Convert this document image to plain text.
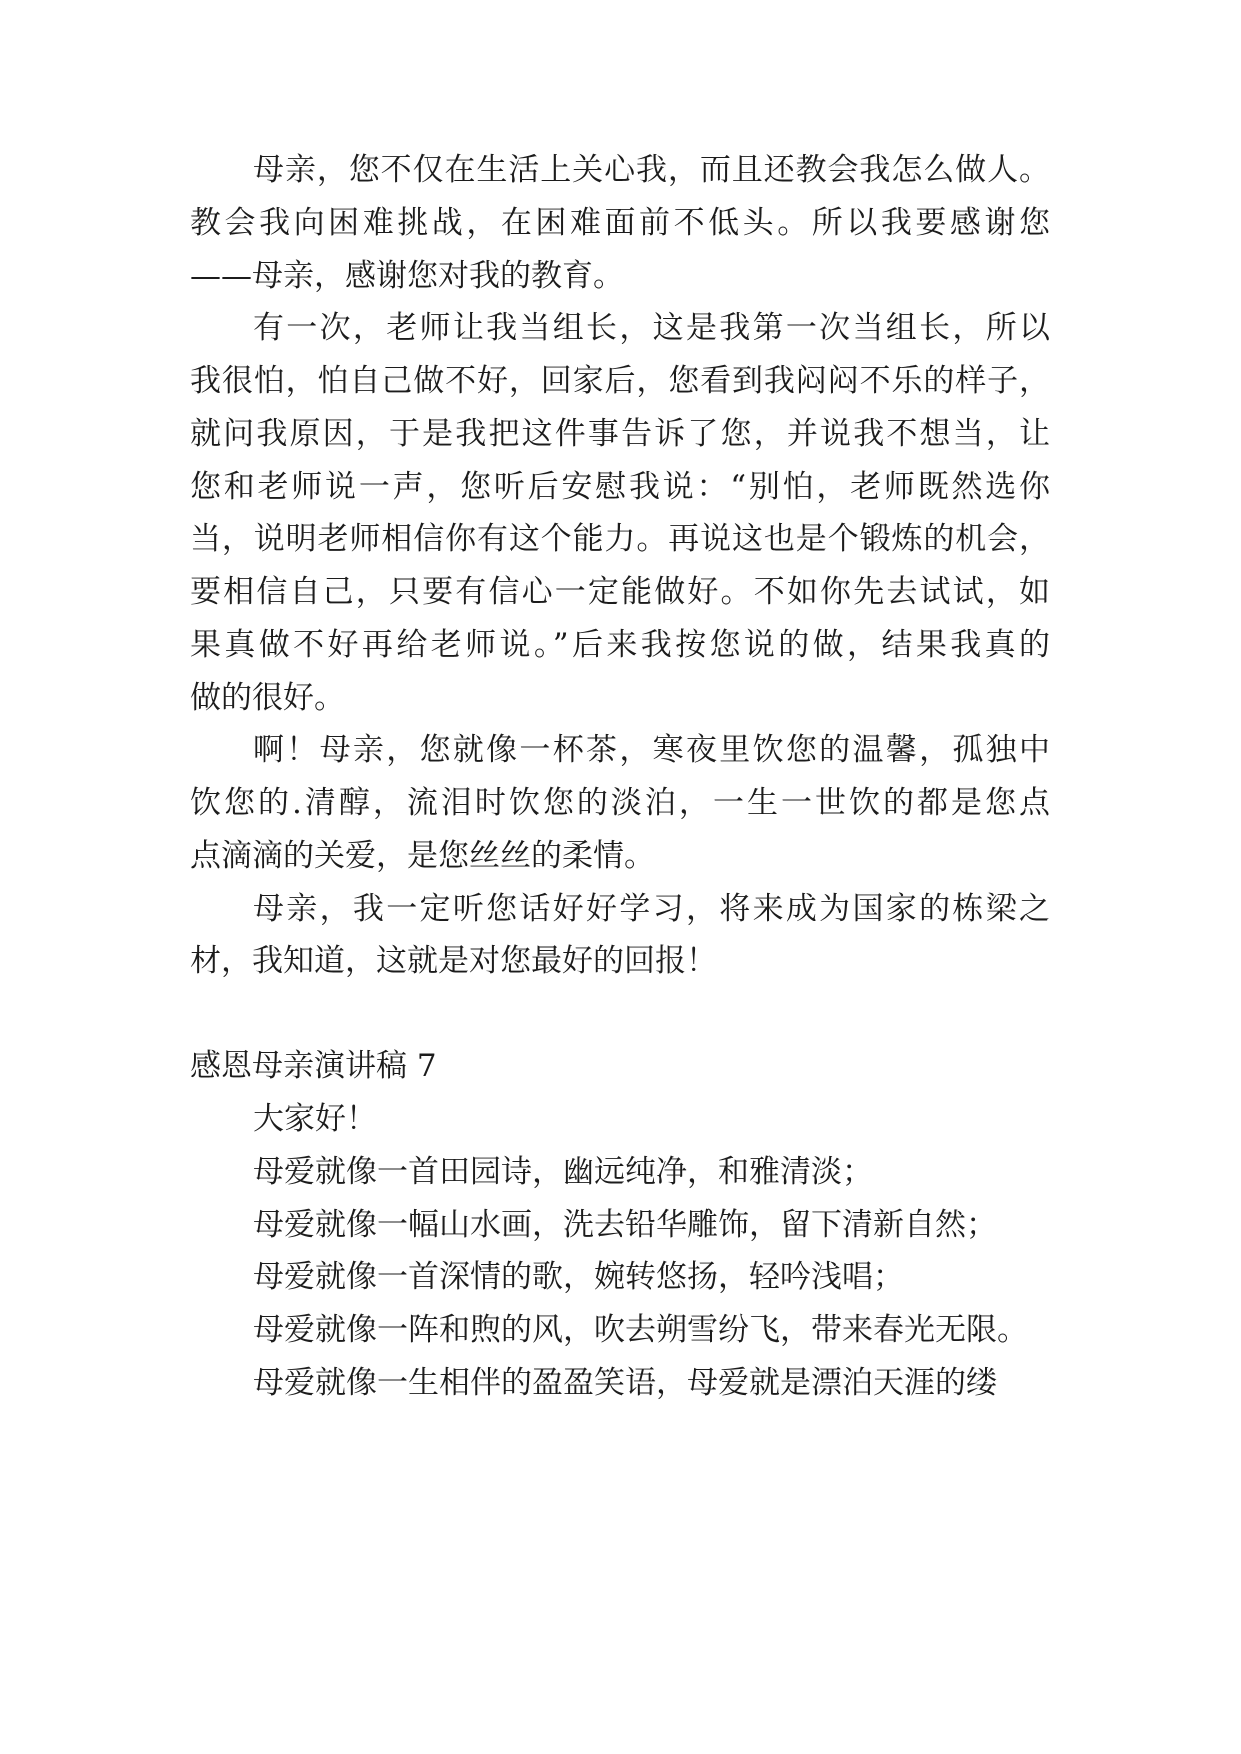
母亲，您不仅在生活上关心我，而且还教会我怎么做人。
教会我向困难挑战，在困难面前不低头。所以我要感谢您
——母亲，感谢您对我的教育。
有一次，老师让我当组长，这是我第一次当组长，所以
我很怕，怕自己做不好，回家后，您看到我闷闷不乐的样子，
就问我原因，于是我把这件事告诉了您，并说我不想当，让
您和老师说一声，您听后安慰我说：“别怕，老师既然选你
当，说明老师相信你有这个能力。再说这也是个锻炼的机会，
要相信自己，只要有信心一定能做好。不如你先去试试，如
果真做不好再给老师说。”后来我按您说的做，结果我真的
做的很好。
啊！母亲，您就像一杯茶，寒夜里饮您的温馨，孤独中
饮您的.清醇，流泪时饮您的淡泊，一生一世饮的都是您点
点滴滴的关爱，是您丝丝的柔情。
母亲，我一定听您话好好学习，将来成为国家的栋梁之
材，我知道，这就是对您最好的回报！
感恩母亲演讲稿 7
大家好！
母爱就像一首田园诗，幽远纯净，和雅清淡；
母爱就像一幅山水画，洗去铅华雕饰，留下清新自然；
母爱就像一首深情的歌，婉转悠扬，轻吟浅唱；
母爱就像一阵和煦的风，吹去朔雪纷飞，带来春光无限。
母爱就像一生相伴的盈盈笑语，母爱就是漂泊天涯的缕
